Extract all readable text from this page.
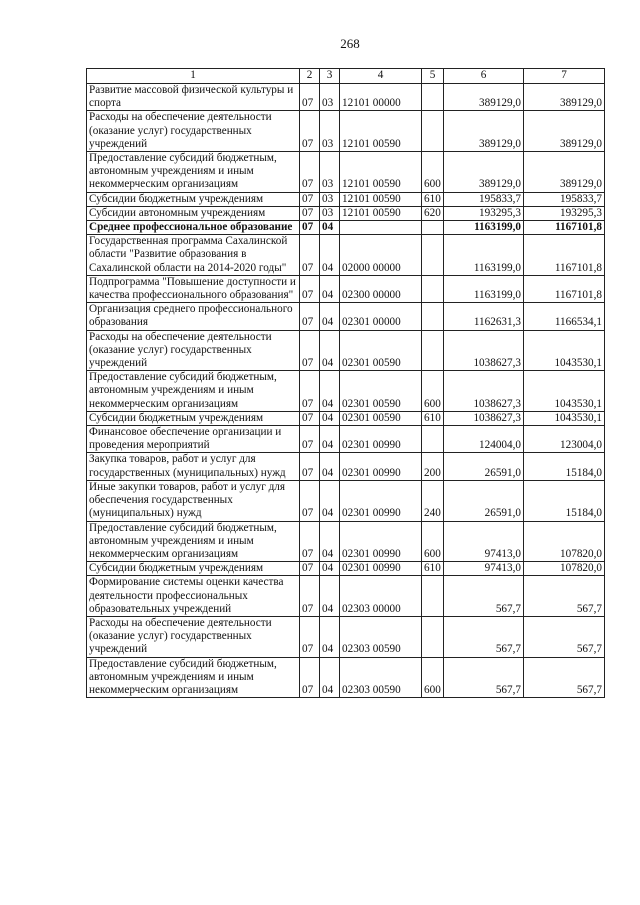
268
1	2	3	4	5	6	7
Развитие массовой физической культуры и спорта	07	03	12101 00000		389129,0	389129,0
Расходы на обеспечение деятельности (оказание услуг) государственных учреждений	07	03	12101 00590		389129,0	389129,0
Предоставление субсидий бюджетным, автономным учреждениям и иным некоммерческим организациям	07	03	12101 00590	600	389129,0	389129,0
Субсидии бюджетным учреждениям	07	03	12101 00590	610	195833,7	195833,7
Субсидии автономным учреждениям	07	03	12101 00590	620	193295,3	193295,3
Среднее профессиональное образование	07	04			1163199,0	1167101,8
Государственная программа Сахалинской области "Развитие образования в Сахалинской области на 2014-2020 годы"	07	04	02000 00000		1163199,0	1167101,8
Подпрограмма "Повышение доступности и качества профессионального образования"	07	04	02300 00000		1163199,0	1167101,8
Организация среднего профессионального образования	07	04	02301 00000		1162631,3	1166534,1
Расходы на обеспечение деятельности (оказание услуг) государственных учреждений	07	04	02301 00590		1038627,3	1043530,1
Предоставление субсидий бюджетным, автономным учреждениям и иным некоммерческим организациям	07	04	02301 00590	600	1038627,3	1043530,1
Субсидии бюджетным учреждениям	07	04	02301 00590	610	1038627,3	1043530,1
Финансовое обеспечение организации и проведения мероприятий	07	04	02301 00990		124004,0	123004,0
Закупка товаров, работ и услуг для государственных (муниципальных) нужд	07	04	02301 00990	200	26591,0	15184,0
Иные закупки товаров, работ и услуг для обеспечения государственных (муниципальных) нужд	07	04	02301 00990	240	26591,0	15184,0
Предоставление субсидий бюджетным, автономным учреждениям и иным некоммерческим организациям	07	04	02301 00990	600	97413,0	107820,0
Субсидии бюджетным учреждениям	07	04	02301 00990	610	97413,0	107820,0
Формирование системы оценки качества деятельности профессиональных образовательных учреждений	07	04	02303 00000		567,7	567,7
Расходы на обеспечение деятельности (оказание услуг) государственных учреждений	07	04	02303 00590		567,7	567,7
Предоставление субсидий бюджетным, автономным учреждениям и иным некоммерческим организациям	07	04	02303 00590	600	567,7	567,7
